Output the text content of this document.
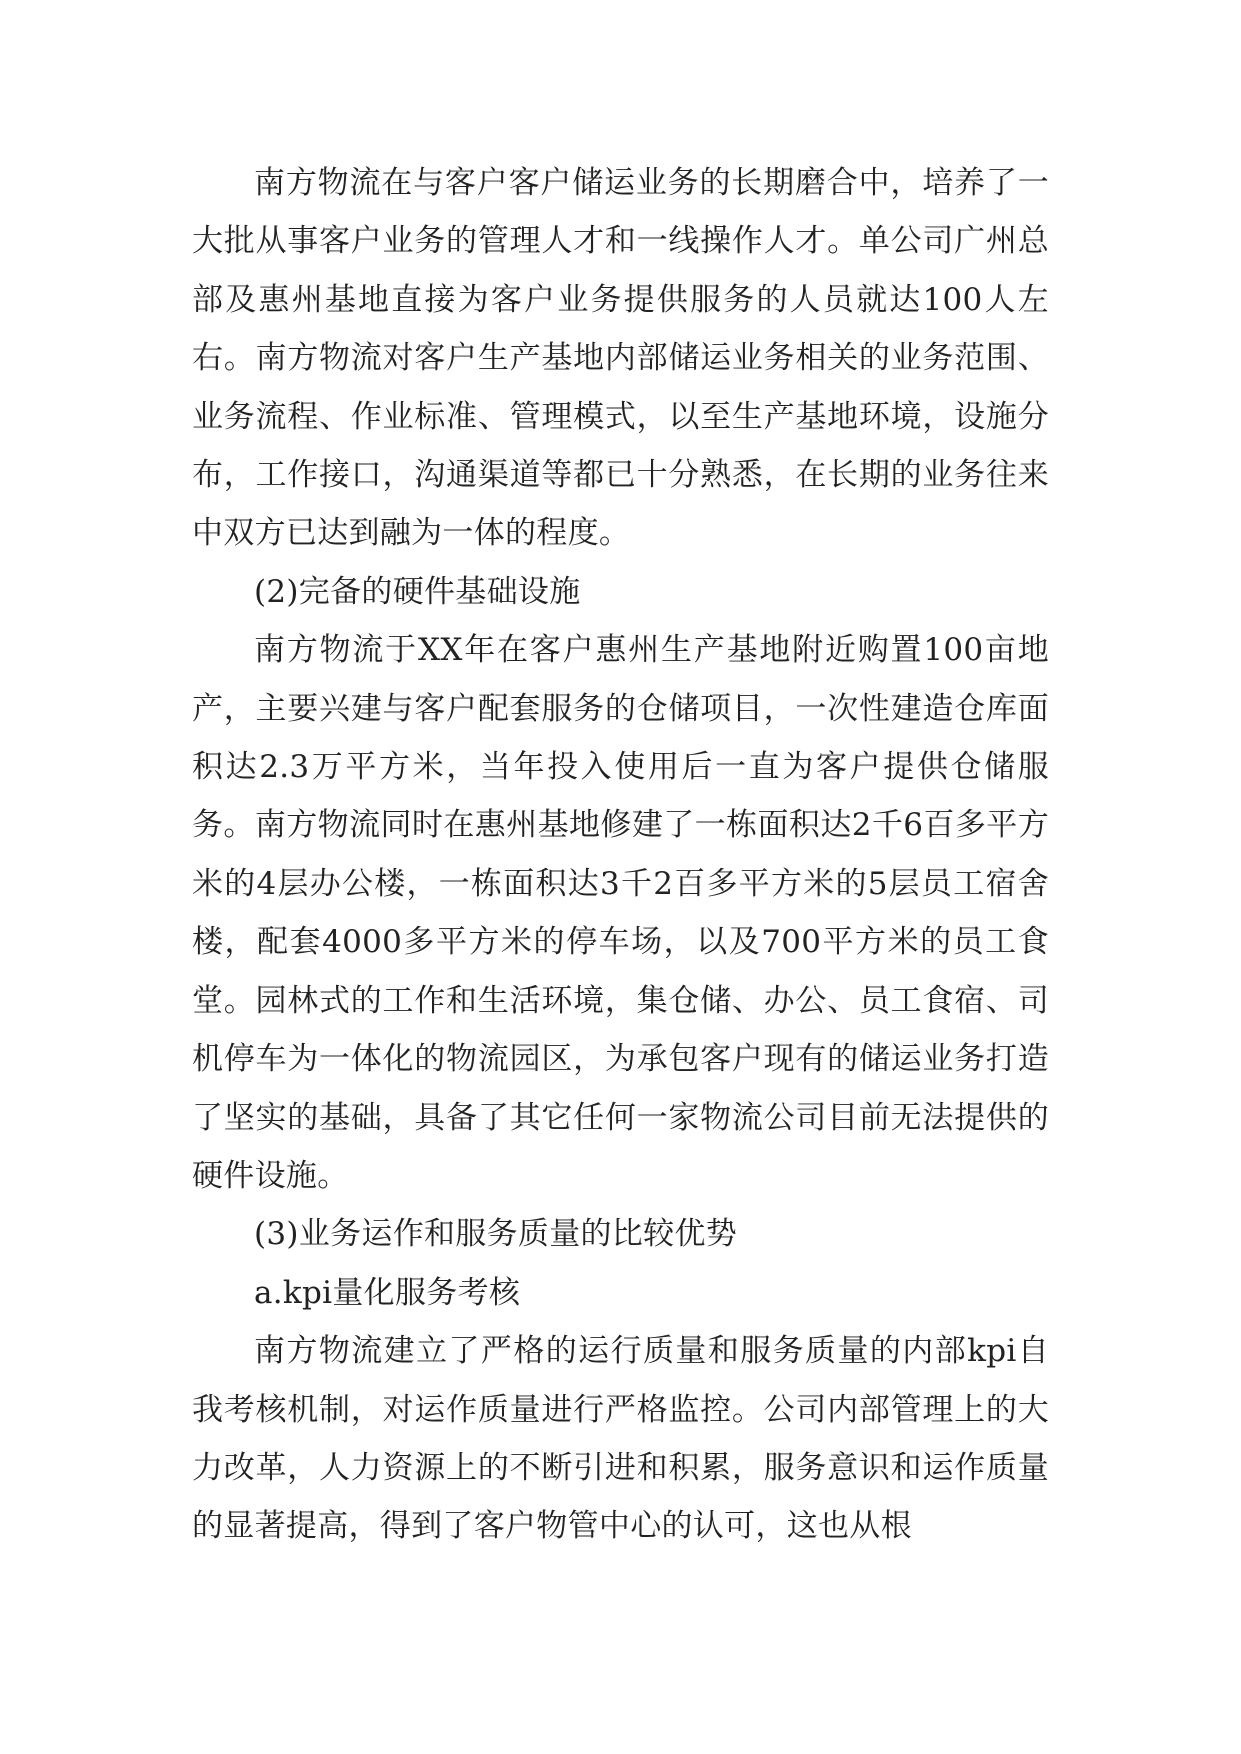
南方物流在与客户客户储运业务的长期磨合中，培养了一大批从事客户业务的管理人才和一线操作人才。单公司广州总部及惠州基地直接为客户业务提供服务的人员就达100人左右。南方物流对客户生产基地内部储运业务相关的业务范围、业务流程、作业标准、管理模式，以至生产基地环境，设施分布，工作接口，沟通渠道等都已十分熟悉，在长期的业务往来中双方已达到融为一体的程度。

(2)完备的硬件基础设施

南方物流于XX年在客户惠州生产基地附近购置100亩地产，主要兴建与客户配套服务的仓储项目，一次性建造仓库面积达2.3万平方米，当年投入使用后一直为客户提供仓储服务。南方物流同时在惠州基地修建了一栋面积达2千6百多平方米的4层办公楼，一栋面积达3千2百多平方米的5层员工宿舍楼，配套4000多平方米的停车场，以及700平方米的员工食堂。园林式的工作和生活环境，集仓储、办公、员工食宿、司机停车为一体化的物流园区，为承包客户现有的储运业务打造了坚实的基础，具备了其它任何一家物流公司目前无法提供的硬件设施。

(3)业务运作和服务质量的比较优势

a.kpi量化服务考核

南方物流建立了严格的运行质量和服务质量的内部kpi自我考核机制，对运作质量进行严格监控。公司内部管理上的大力改革，人力资源上的不断引进和积累，服务意识和运作质量的显著提高，得到了客户物管中心的认可，这也从根
